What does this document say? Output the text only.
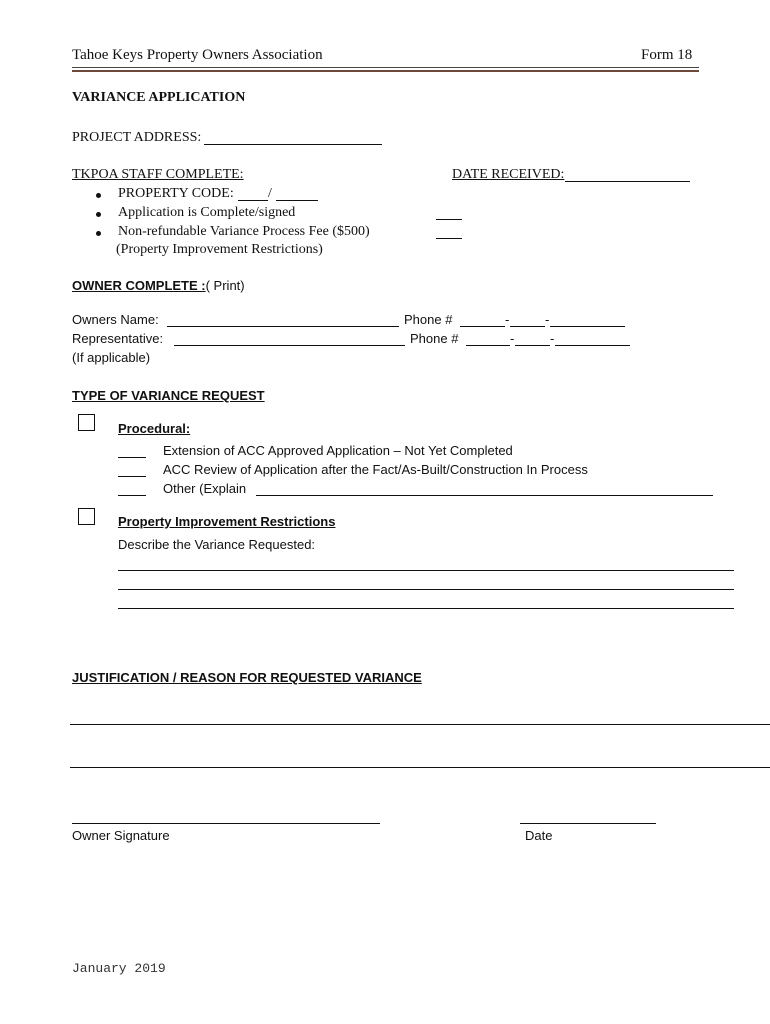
Tahoe Keys Property Owners Association	Form 18
VARIANCE APPLICATION
PROJECT ADDRESS:
TKPOA STAFF COMPLETE:	DATE RECEIVED:
PROPERTY CODE: /
Application is Complete/signed
Non-refundable Variance Process Fee ($500)
(Property Improvement Restrictions)
OWNER COMPLETE :( Print)
Owners Name:	Phone #	-	-
Representative:	Phone #	-	-
(If applicable)
TYPE OF VARIANCE REQUEST
Procedural:
Extension of ACC Approved Application – Not Yet Completed
ACC Review of Application after the Fact/As-Built/Construction In Process
Other (Explain
Property Improvement Restrictions
Describe the Variance Requested:
JUSTIFICATION / REASON FOR REQUESTED VARIANCE
Owner Signature	Date
January 2019
